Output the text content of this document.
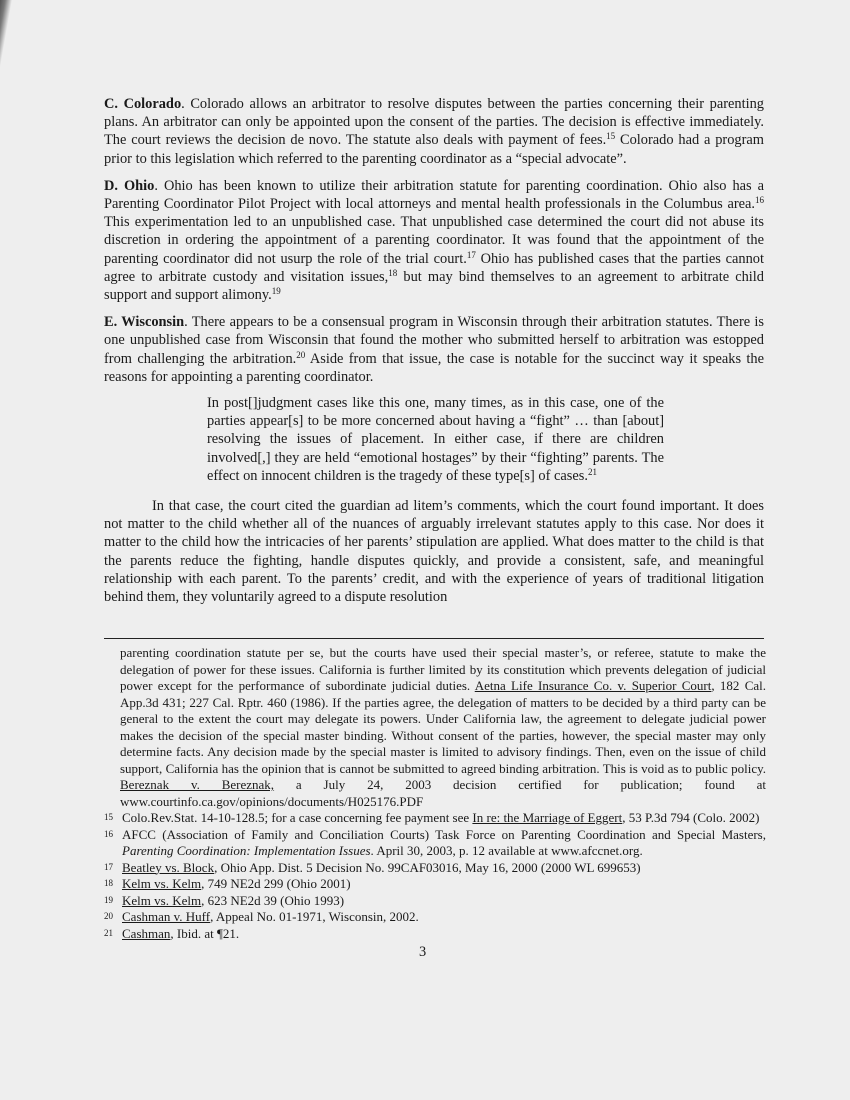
C. Colorado. Colorado allows an arbitrator to resolve disputes between the parties concerning their parenting plans. An arbitrator can only be appointed upon the consent of the parties. The decision is effective immediately. The court reviews the decision de novo. The statute also deals with payment of fees.$^{15}$ Colorado had a program prior to this legislation which referred to the parenting coordinator as a “special advocate”.

D. Ohio. Ohio has been known to utilize their arbitration statute for parenting coordination. Ohio also has a Parenting Coordinator Pilot Project with local attorneys and mental health professionals in the Columbus area.$^{16}$ This experimentation led to an unpublished case. That unpublished case determined the court did not abuse its discretion in ordering the appointment of a parenting coordinator. It was found that the appointment of the parenting coordinator did not usurp the role of the trial court.$^{17}$ Ohio has published cases that the parties cannot agree to arbitrate custody and visitation issues,$^{18}$ but may bind themselves to an agreement to arbitrate child support and support alimony.$^{19}$

E. Wisconsin. There appears to be a consensual program in Wisconsin through their arbitration statutes. There is one unpublished case from Wisconsin that found the mother who submitted herself to arbitration was estopped from challenging the arbitration.$^{20}$ Aside from that issue, the case is notable for the succinct way it speaks the reasons for appointing a parenting coordinator.

In post[]judgment cases like this one, many times, as in this case, one of the parties appear[s] to be more concerned about having a “fight” … than [about] resolving the issues of placement. In either case, if there are children involved[,] they are held “emotional hostages” by their “fighting” parents. The effect on innocent children is the tragedy of these type[s] of cases.$^{21}$

In that case, the court cited the guardian ad litem’s comments, which the court found important. It does not matter to the child whether all of the nuances of arguably irrelevant statutes apply to this case. Nor does it matter to the child how the intricacies of her parents’ stipulation are applied. What does matter to the child is that the parents reduce the fighting, handle disputes quickly, and provide a consistent, safe, and meaningful relationship with each parent. To the parents’ credit, and with the experience of years of traditional litigation behind them, they voluntarily agreed to a dispute resolution

parenting coordination statute per se, but the courts have used their special master’s, or referee, statute to make the delegation of power for these issues. California is further limited by its constitution which prevents delegation of judicial power except for the performance of subordinate judicial duties. Aetna Life Insurance Co. v. Superior Court, 182 Cal. App.3d 431; 227 Cal. Rptr. 460 (1986). If the parties agree, the delegation of matters to be decided by a third party can be general to the extent the court may delegate its powers. Under California law, the agreement to delegate judicial power makes the decision of the special master binding. Without consent of the parties, however, the special master may only determine facts. Any decision made by the special master is limited to advisory findings. Then, even on the issue of child support, California has the opinion that is cannot be submitted to agreed binding arbitration. This is void as to public policy. Bereznak v. Bereznak, a July 24, 2003 decision certified for publication; found at www.courtinfo.ca.gov/opinions/documents/H025176.PDF
15 Colo.Rev.Stat. 14-10-128.5; for a case concerning fee payment see In re: the Marriage of Eggert, 53 P.3d 794 (Colo. 2002)
16 AFCC (Association of Family and Conciliation Courts) Task Force on Parenting Coordination and Special Masters, Parenting Coordination: Implementation Issues. April 30, 2003, p. 12 available at www.afccnet.org.
17 Beatley vs. Block, Ohio App. Dist. 5 Decision No. 99CAF03016, May 16, 2000 (2000 WL 699653)
18 Kelm vs. Kelm, 749 NE2d 299 (Ohio 2001)
19 Kelm vs. Kelm, 623 NE2d 39 (Ohio 1993)
20 Cashman v. Huff, Appeal No. 01-1971, Wisconsin, 2002.
21 Cashman, Ibid. at ¶21.
3
